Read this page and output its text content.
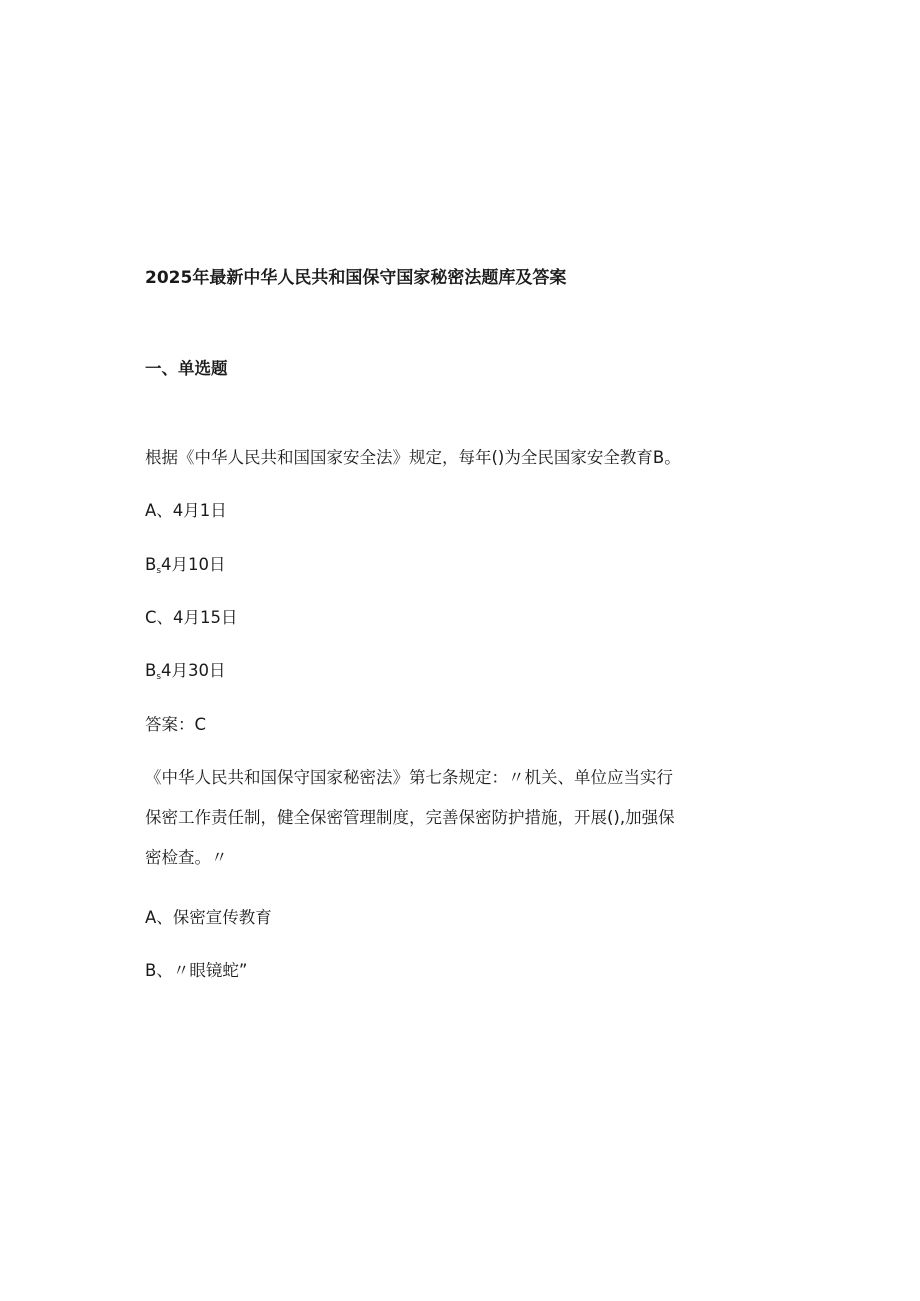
2025年最新中华人民共和国保守国家秘密法题库及答案
一、单选题
根据《中华人民共和国国家安全法》规定，每年()为全民国家安全教育B。
A、4月1日
$B_s4$月10日
C、4月15日
$B_s4$月30日
答案：C
《中华人民共和国保守国家秘密法》第七条规定：〃机关、单位应当实行
保密工作责任制，健全保密管理制度，完善保密防护措施，开展(),加强保
密检查。〃
A、保密宣传教育
B、〃眼镜蛇”
